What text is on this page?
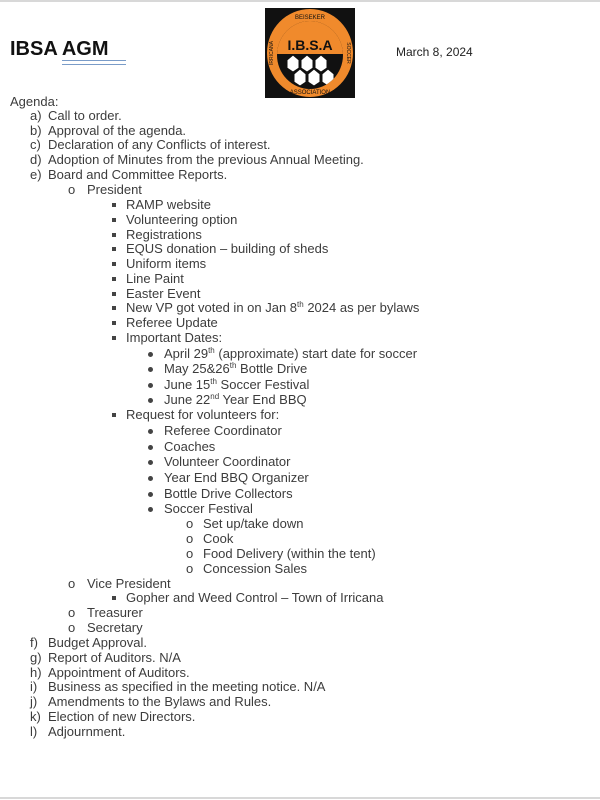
IBSA AGM	I.B.S.A
BEISEKER
ASSOCIATION
IRRICANA	SOCCER	March 8, 2024
Agenda:
a) Call to order.
b) Approval of the agenda.
c) Declaration of any Conflicts of interest.
d) Adoption of Minutes from the previous Annual Meeting.
e) Board and Committee Reports.
o President
RAMP website
Volunteering option
Registrations
EQUS donation – building of sheds
Uniform items
Line Paint
Easter Event
New VP got voted in on Jan 8th 2024 as per bylaws
Referee Update
Important Dates:
April 29th (approximate) start date for soccer
May 25&26th Bottle Drive
June 15th Soccer Festival
June 22nd Year End BBQ
Request for volunteers for:
Referee Coordinator
Coaches
Volunteer Coordinator
Year End BBQ Organizer
Bottle Drive Collectors
Soccer Festival
o Set up/take down
o Cook
o Food Delivery (within the tent)
o Concession Sales
o Vice President
Gopher and Weed Control – Town of Irricana
o Treasurer
o Secretary
f) Budget Approval.
g) Report of Auditors. N/A
h) Appointment of Auditors.
i) Business as specified in the meeting notice. N/A
j) Amendments to the Bylaws and Rules.
k) Election of new Directors.
l) Adjournment.
